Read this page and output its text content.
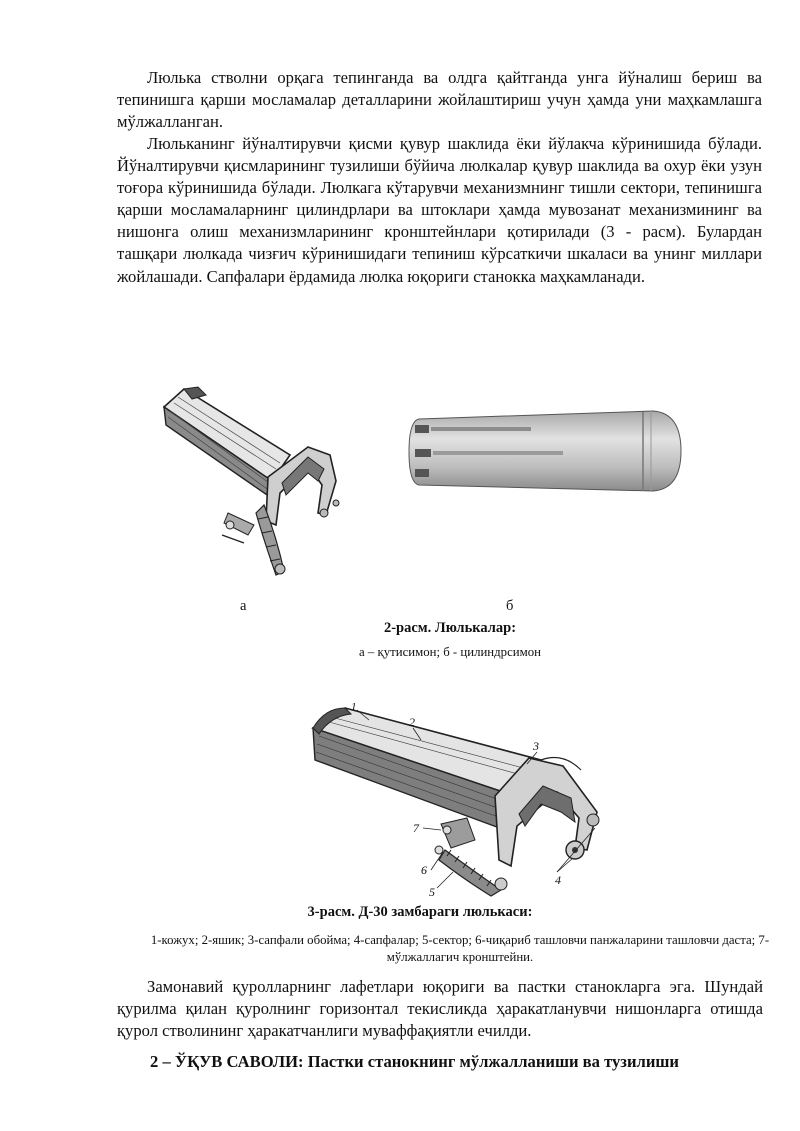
Люлька стволни орқага тепинганда ва олдга қайтганда унга йўналиш бериш ва тепинишга қарши мосламалар деталларини жойлаштириш учун ҳамда уни маҳкамлашга мўлжалланган.

Люльканинг йўналтирувчи қисми қувур шаклида ёки йўлакча кўринишида бўлади. Йўналтирувчи қисмларининг тузилиши бўйича люлкалар қувур шаклида ва охур ёки узун тоғора кўринишида бўлади. Люлкага кўтарувчи механизмнинг тишли сектори, тепинишга қарши мосламаларнинг цилиндрлари ва штоклари ҳамда мувозанат механизмининг ва нишонга олиш механизмларининг кронштейнлари қотирилади (3 - расм). Булардан ташқари люлкада чизғич кўринишидаги тепиниш кўрсаткичи шкаласи ва унинг миллари жойлашади. Сапфалари ёрдамида люлка юқориги станокка маҳкамланади.

а	б
2-расм. Люлькалар:
а – қутисимон; б - цилиндрсимон
1
2
3
4
5
6
7
3-расм. Д-30 замбараги люлькаси:
1-кожух; 2-яшик; 3-сапфали обойма; 4-сапфалар; 5-сектор; 6-чиқариб ташловчи панжаларини ташловчи даста; 7-мўлжаллагич кронштейни.

Замонавий қуролларнинг лафетлари юқориги ва пастки станокларга эга. Шундай қурилма қилан қуролнинг горизонтал текисликда ҳаракатланувчи нишонларга отишда қурол стволининг ҳаракатчанлиги муваффақиятли ечилди.

2 – ЎҚУВ САВОЛИ: Пастки станокнинг мўлжалланиши ва тузилиши
